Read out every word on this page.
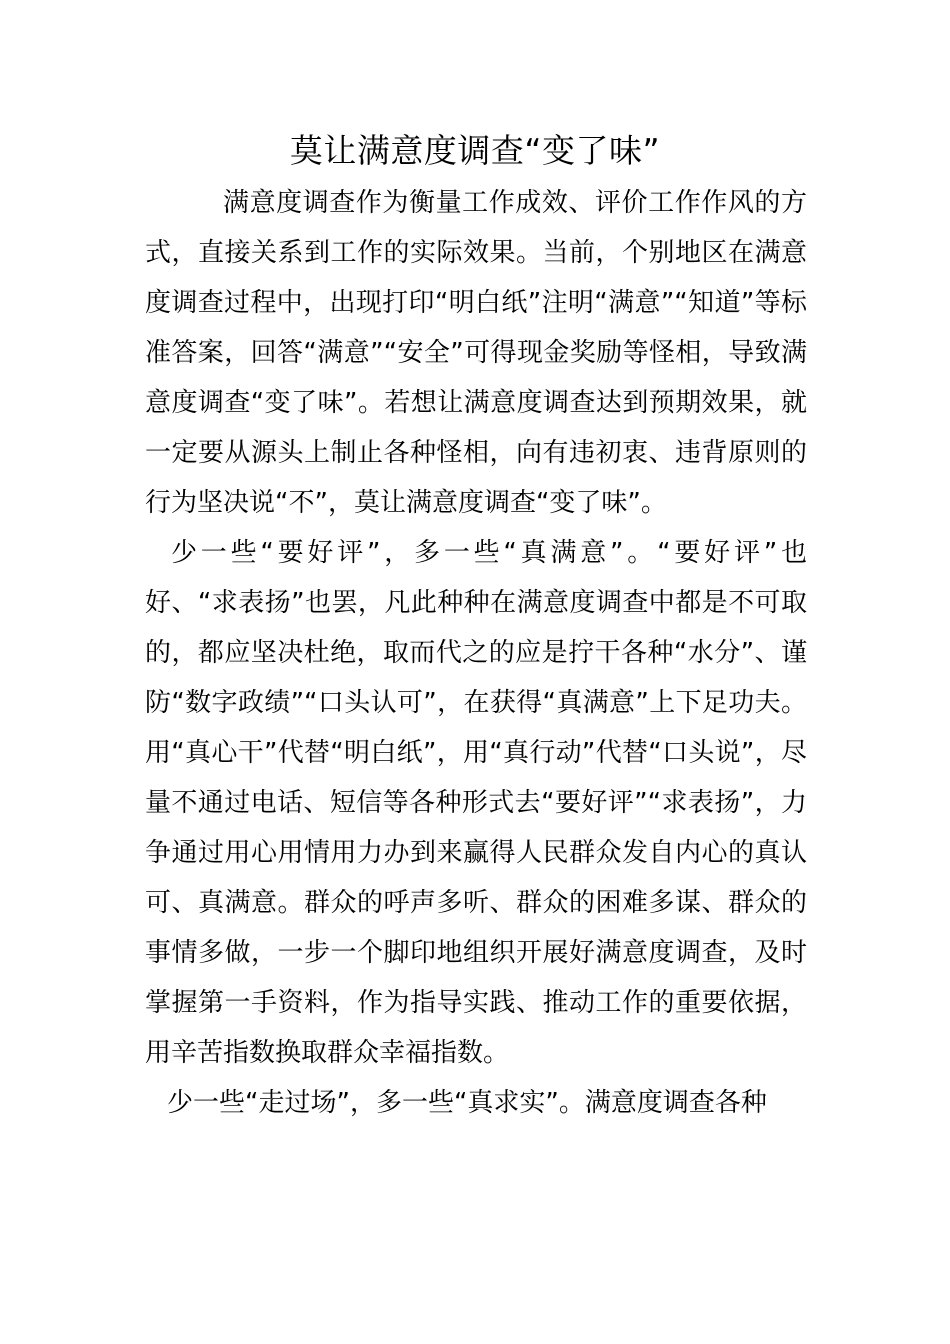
莫让满意度调查“变了味”

满意度调查作为衡量工作成效、评价工作作风的方式，直接关系到工作的实际效果。当前，个别地区在满意度调查过程中，出现打印“明白纸”注明“满意”“知道”等标准答案，回答“满意”“安全”可得现金奖励等怪相，导致满意度调查“变了味”。若想让满意度调查达到预期效果，就一定要从源头上制止各种怪相，向有违初衷、违背原则的行为坚决说“不”，莫让满意度调查“变了味”。

少一些“要好评”，多一些“真满意”。“要好评”也好、“求表扬”也罢，凡此种种在满意度调查中都是不可取的，都应坚决杜绝，取而代之的应是拧干各种“水分”、谨防“数字政绩”“口头认可”，在获得“真满意”上下足功夫。用“真心干”代替“明白纸”，用“真行动”代替“口头说”，尽量不通过电话、短信等各种形式去“要好评”“求表扬”，力争通过用心用情用力办到来赢得人民群众发自内心的真认可、真满意。群众的呼声多听、群众的困难多谋、群众的事情多做，一步一个脚印地组织开展好满意度调查，及时掌握第一手资料，作为指导实践、推动工作的重要依据，用辛苦指数换取群众幸福指数。

少一些“走过场”，多一些“真求实”。满意度调查各种
